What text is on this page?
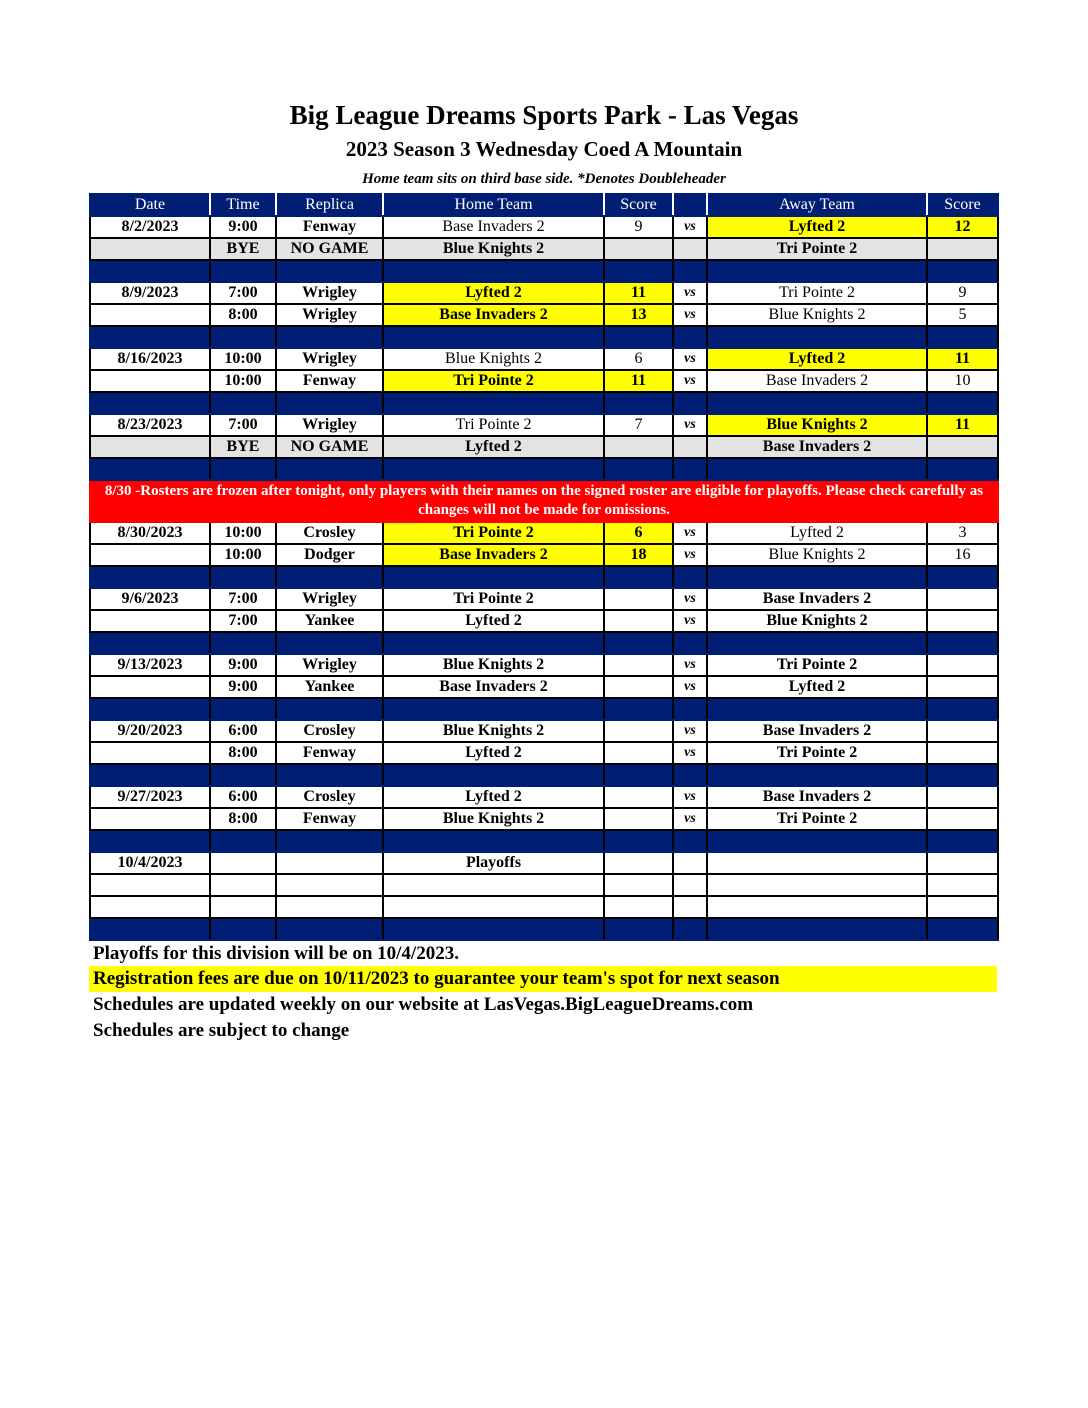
Big League Dreams Sports Park - Las Vegas
2023 Season 3 Wednesday Coed A Mountain
Home team sits on third base side. *Denotes Doubleheader
Date	Time	Replica	Home Team	Score		Away Team	Score
8/2/2023	9:00	Fenway	Base Invaders 2	9	vs	Lyfted 2	12
	BYE	NO GAME	Blue Knights 2			Tri Pointe 2	

8/9/2023	7:00	Wrigley	Lyfted 2	11	vs	Tri Pointe 2	9
	8:00	Wrigley	Base Invaders 2	13	vs	Blue Knights 2	5

8/16/2023	10:00	Wrigley	Blue Knights 2	6	vs	Lyfted 2	11
	10:00	Fenway	Tri Pointe 2	11	vs	Base Invaders 2	10

8/23/2023	7:00	Wrigley	Tri Pointe 2	7	vs	Blue Knights 2	11
	BYE	NO GAME	Lyfted 2			Base Invaders 2	

8/30 -Rosters are frozen after tonight, only players with their names on the signed roster are eligible for playoffs. Please check carefully as changes will not be made for omissions.							
8/30/2023	10:00	Crosley	Tri Pointe 2	6	vs	Lyfted 2	3
	10:00	Dodger	Base Invaders 2	18	vs	Blue Knights 2	16

9/6/2023	7:00	Wrigley	Tri Pointe 2		vs	Base Invaders 2	
	7:00	Yankee	Lyfted 2		vs	Blue Knights 2	

9/13/2023	9:00	Wrigley	Blue Knights 2		vs	Tri Pointe 2	
	9:00	Yankee	Base Invaders 2		vs	Lyfted 2	

9/20/2023	6:00	Crosley	Blue Knights 2		vs	Base Invaders 2	
	8:00	Fenway	Lyfted 2		vs	Tri Pointe 2	

9/27/2023	6:00	Crosley	Lyfted 2		vs	Base Invaders 2	
	8:00	Fenway	Blue Knights 2		vs	Tri Pointe 2	

10/4/2023			Playoffs				

Playoffs for this division will be on 10/4/2023.
Registration fees are due on 10/11/2023 to guarantee your team's spot for next season
Schedules are updated weekly on our website at LasVegas.BigLeagueDreams.com
Schedules are subject to change
